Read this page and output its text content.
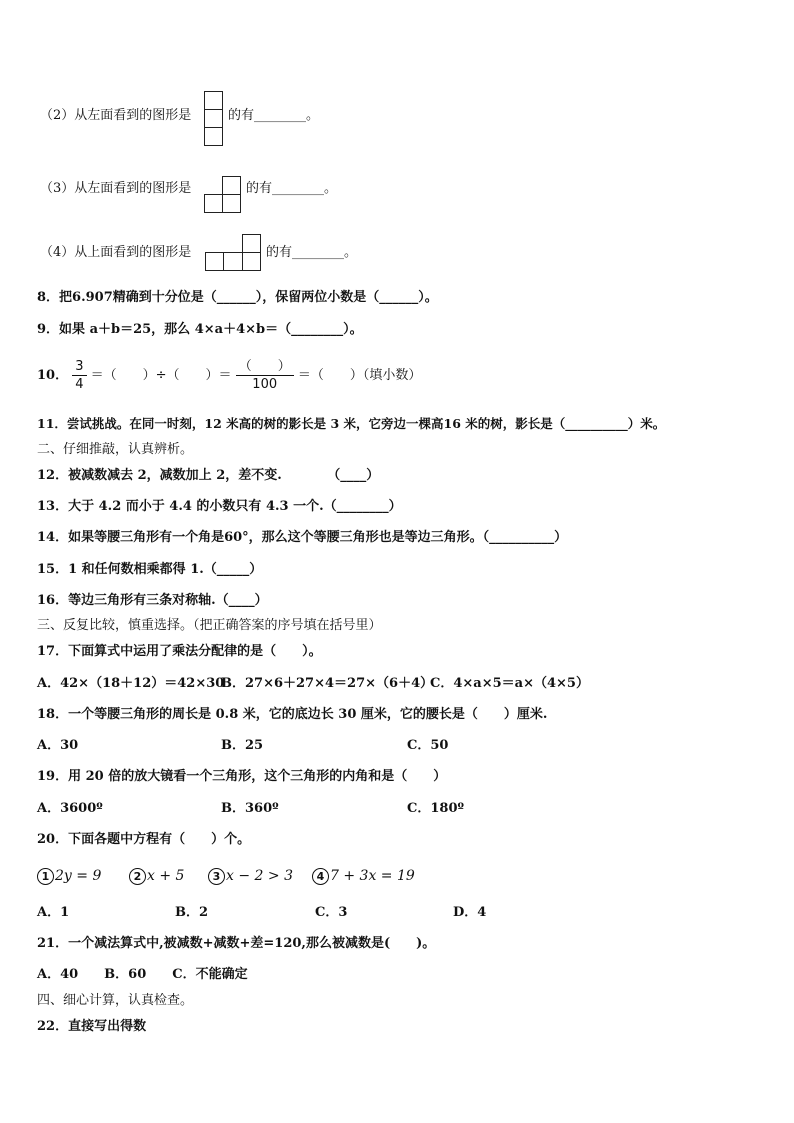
（2）从左面看到的图形是	的有________。
（3）从左面看到的图形是	的有________。
（4）从上面看到的图形是	的有________。
8．把6.907精确到十分位是（______），保留两位小数是（______）。
9．如果 a＋b＝25，那么 4×a＋4×b＝（________）。
10． $\frac{3}{4}$ ＝（　　）÷（　　）＝ $\frac{( )}{100}$ ＝（　　）（填小数）
11．尝试挑战。在同一时刻，12 米高的树的影长是 3 米，它旁边一棵高16 米的树，影长是（__________）米。
二、仔细推敲，认真辨析。
12．被减数减去 2，减数加上 2，差不变.　　　　（____）
13．大于 4.2 而小于 4.4 的小数只有 4.3 一个.（________）
14．如果等腰三角形有一个角是60°，那么这个等腰三角形也是等边三角形。（__________）
15．1 和任何数相乘都得 1.（_____）
16．等边三角形有三条对称轴.（____）
三、反复比较，慎重选择。（把正确答案的序号填在括号里）
17．下面算式中运用了乘法分配律的是（　　）。
A．42×（18＋12）＝42×30
B．27×6＋27×4＝27×（6＋4）
C．4×a×5＝a×（4×5）
18．一个等腰三角形的周长是 0.8 米，它的底边长 30 厘米，它的腰长是（　　）厘米.
A．30	B．25	C．50
19．用 20 倍的放大镜看一个三角形，这个三角形的内角和是（　　）
A．3600º	B．360º	C．180º
20．下面各题中方程有（　　）个。
1 2y = 9	2 x + 5	3 x − 2 > 3	4 7 + 3x = 19
A．1	B．2	C．3	D．4
21．一个减法算式中,被减数+减数+差=120,那么被减数是(　　)。
A．40　　B．60　　C．不能确定
四、细心计算，认真检查。
22．直接写出得数
